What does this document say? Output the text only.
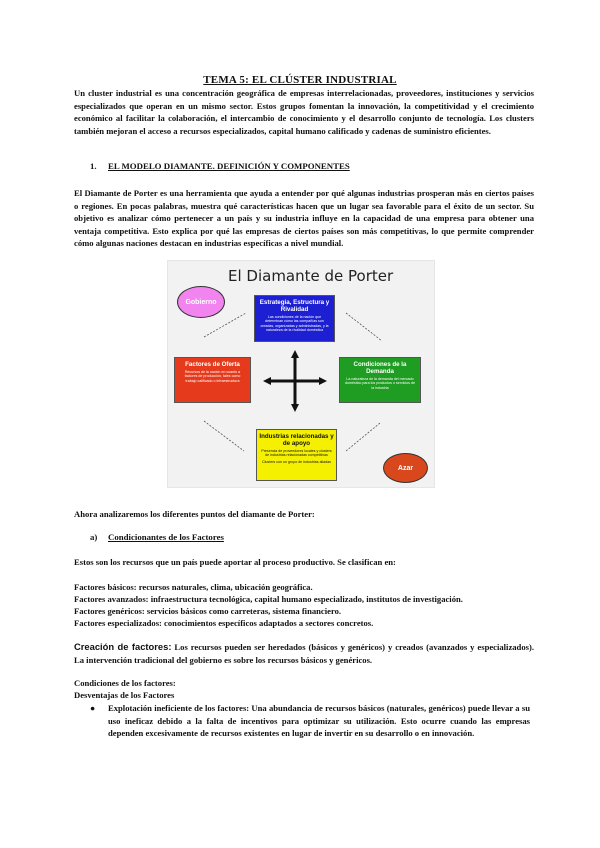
TEMA 5: EL CLÚSTER INDUSTRIAL
Un cluster industrial es una concentración geográfica de empresas interrelacionadas, proveedores, instituciones y servicios especializados que operan en un mismo sector. Estos grupos fomentan la innovación, la competitividad y el crecimiento económico al facilitar la colaboración, el intercambio de conocimiento y el desarrollo conjunto de tecnología. Los clusters también mejoran el acceso a recursos especializados, capital humano calificado y cadenas de suministro eficientes.
1. EL MODELO DIAMANTE. DEFINICIÓN Y COMPONENTES
El Diamante de Porter es una herramienta que ayuda a entender por qué algunas industrias prosperan más en ciertos países o regiones. En pocas palabras, muestra qué características hacen que un lugar sea favorable para el éxito de un sector. Su objetivo es analizar cómo pertenecer a un país y su industria influye en la capacidad de una empresa para obtener una ventaja competitiva. Esto explica por qué las empresas de ciertos países son más competitivas, lo que permite comprender cómo algunas naciones destacan en industrias específicas a nivel mundial.
El Diamante de Porter
Gobierno	Estrategia, Estructura y Rivalidad
Las condiciones de la nación que determinan cómo las compañías son creadas, organizadas y administradas, y la naturaleza de la rivalidad doméstica
Factores de Oferta
Recursos de la nación en cuanto a factores de producción, tales como trabajo calificado o infraestructura
Condiciones de la Demanda
La naturaleza de la demanda del mercado doméstico para los productos o servicios de la industria
Industrias relacionadas y de apoyo
Presencia de proveedores locales y clusters de industrias relacionadas competitivas
Clusters con un grupo de industrias aliadas
Azar
Ahora analizaremos los diferentes puntos del diamante de Porter:
a) Condicionantes de los Factores
Estos son los recursos que un país puede aportar al proceso productivo. Se clasifican en:
Factores básicos: recursos naturales, clima, ubicación geográfica.
Factores avanzados: infraestructura tecnológica, capital humano especializado, institutos de investigación.
Factores genéricos: servicios básicos como carreteras, sistema financiero.
Factores especializados: conocimientos específicos adaptados a sectores concretos.
Creación de factores: Los recursos pueden ser heredados (básicos y genéricos) y creados (avanzados y especializados). La intervención tradicional del gobierno es sobre los recursos básicos y genéricos.
Condiciones de los factores:
Desventajas de los Factores
● Explotación ineficiente de los factores: Una abundancia de recursos básicos (naturales, genéricos) puede llevar a su uso ineficaz debido a la falta de incentivos para optimizar su utilización. Esto ocurre cuando las empresas dependen excesivamente de recursos existentes en lugar de invertir en su desarrollo o en innovación.
